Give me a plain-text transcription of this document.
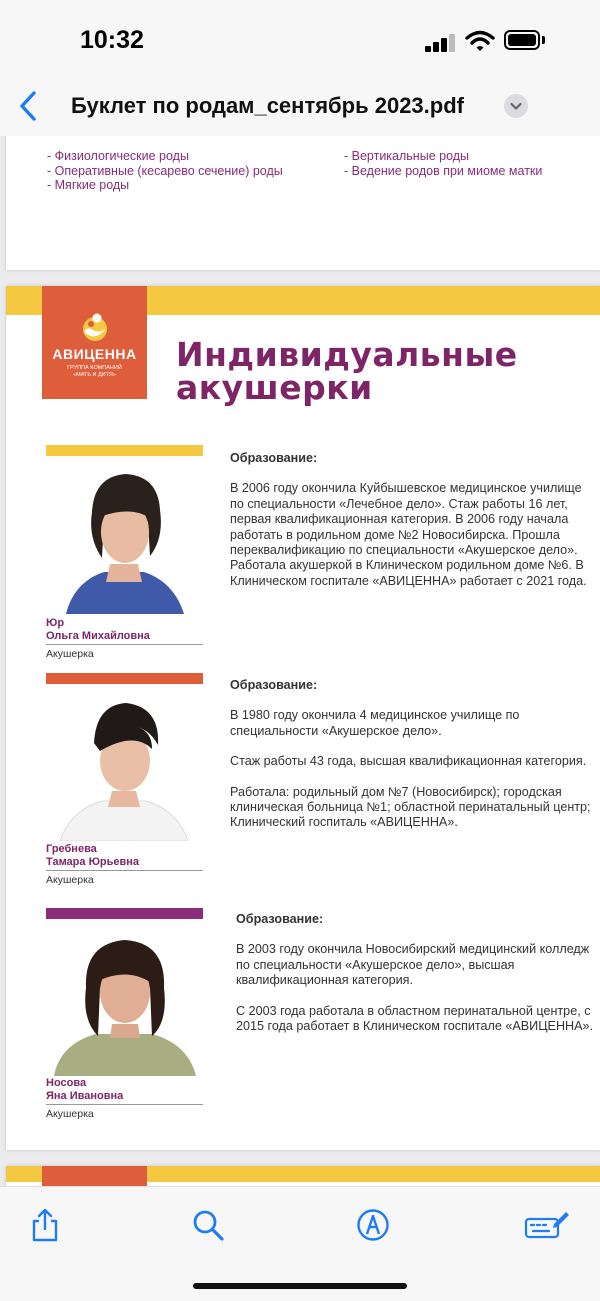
10:32
Буклет по родам_сентябрь 2023.pdf
- Физиологические роды
- Оперативные (кесарево сечение) роды
- Мягкие роды
- Вертикальные роды
- Ведение родов при миоме матки
АВИЦЕННА
ГРУППА КОМПАНИЙ
«МАТЬ И ДИТЯ»
Индивидуальные
акушерки
Юр
Ольга Михайловна
Акушерка
Образование:
В 2006 году окончила Куйбышевское медицинское училище по специальности «Лечебное дело». Стаж работы 16 лет, первая квалификационная категория. В 2006 году начала работать в родильном доме №2 Новосибирска. Прошла переквалификацию по специальности «Акушерское дело». Работала акушеркой в Клиническом родильном доме №6. В Клиническом госпитале «АВИЦЕННА» работает с 2021 года.
Гребнева
Тамара Юрьевна
Акушерка
Образование:
В 1980 году окончила 4 медицинское училище по специальности «Акушерское дело».
Стаж работы 43 года, высшая квалификационная категория.
Работала: родильный дом №7 (Новосибирск); городская клиническая больница №1; областной перинатальный центр; Клинический госпиталь «АВИЦЕННА».
Носова
Яна Ивановна
Акушерка
Образование:
В 2003 году окончила Новосибирский медицинский колледж по специальности «Акушерское дело», высшая квалификационная категория.
С 2003 года работала в областном перинатальной центре, с 2015 года работает в Клиническом госпитале «АВИЦЕННА».
